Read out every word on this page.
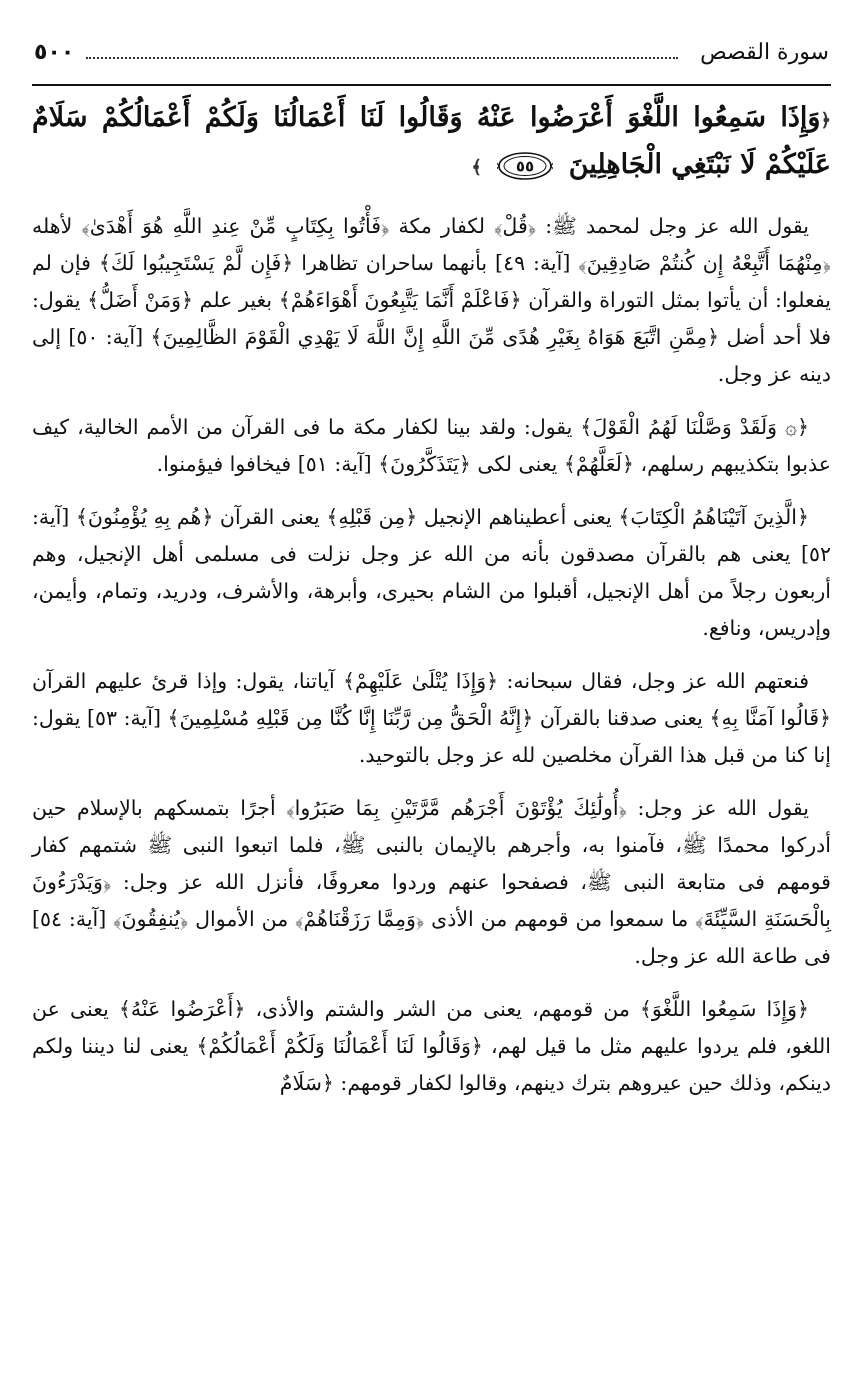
سورة القصص
٥٠٠
﴿وَإِذَا سَمِعُوا اللَّغْوَ أَعْرَضُوا عَنْهُ وَقَالُوا لَنَا أَعْمَالُنَا وَلَكُمْ أَعْمَالُكُمْ سَلَامٌ عَلَيْكُمْ لَا نَبْتَغِي الْجَاهِلِينَ
٥٥
﴾

يقول الله عز وجل لمحمد ﷺ: ﴿قُلْ﴾ لكفار مكة ﴿فَأْتُوا بِكِتَابٍ مِّنْ عِندِ اللَّهِ هُوَ أَهْدَىٰ﴾ لأهله ﴿مِنْهُمَا أَتَّبِعْهُ إِن كُنتُمْ صَادِقِينَ﴾ [آية: ٤٩] بأنهما ساحران تظاهرا ﴿فَإِن لَّمْ يَسْتَجِيبُوا لَكَ﴾ فإن لم يفعلوا: أن يأتوا بمثل التوراة والقرآن ﴿فَاعْلَمْ أَنَّمَا يَتَّبِعُونَ أَهْوَاءَهُمْ﴾ بغير علم ﴿وَمَنْ أَضَلُّ﴾ يقول: فلا أحد أضل ﴿مِمَّنِ اتَّبَعَ هَوَاهُ بِغَيْرِ هُدًى مِّنَ اللَّهِ إِنَّ اللَّهَ لَا يَهْدِي الْقَوْمَ الظَّالِمِينَ﴾ [آية: ٥٠] إلى دينه عز وجل.

﴿۞ وَلَقَدْ وَصَّلْنَا لَهُمُ الْقَوْلَ﴾ يقول: ولقد بينا لكفار مكة ما فى القرآن من الأمم الخالية، كيف عذبوا بتكذيبهم رسلهم، ﴿لَعَلَّهُمْ﴾ يعنى لكى ﴿يَتَذَكَّرُونَ﴾ [آية: ٥١] فيخافوا فيؤمنوا.

﴿الَّذِينَ آتَيْنَاهُمُ الْكِتَابَ﴾ يعنى أعطيناهم الإنجيل ﴿مِن قَبْلِهِ﴾ يعنى القرآن ﴿هُم بِهِ يُؤْمِنُونَ﴾ [آية: ٥٢] يعنى هم بالقرآن مصدقون بأنه من الله عز وجل نزلت فى مسلمى أهل الإنجيل، وهم أربعون رجلاً من أهل الإنجيل، أقبلوا من الشام بحيرى، وأبرهة، والأشرف، ودريد، وتمام، وأيمن، وإدريس، ونافع.

فنعتهم الله عز وجل، فقال سبحانه: ﴿وَإِذَا يُتْلَىٰ عَلَيْهِمْ﴾ آياتنا، يقول: وإذا قرئ عليهم القرآن ﴿قَالُوا آمَنَّا بِهِ﴾ يعنى صدقنا بالقرآن ﴿إِنَّهُ الْحَقُّ مِن رَّبِّنَا إِنَّا كُنَّا مِن قَبْلِهِ مُسْلِمِينَ﴾ [آية: ٥٣] يقول: إنا كنا من قبل هذا القرآن مخلصين لله عز وجل بالتوحيد.

يقول الله عز وجل: ﴿أُولَٰئِكَ يُؤْتَوْنَ أَجْرَهُم مَّرَّتَيْنِ بِمَا صَبَرُوا﴾ أجرًا بتمسكهم بالإسلام حين أدركوا محمدًا ﷺ، فآمنوا به، وأجرهم بالإيمان بالنبى ﷺ، فلما اتبعوا النبى ﷺ شتمهم كفار قومهم فى متابعة النبى ﷺ، فصفحوا عنهم وردوا معروفًا، فأنزل الله عز وجل: ﴿وَيَدْرَءُونَ بِالْحَسَنَةِ السَّيِّئَةَ﴾ ما سمعوا من قومهم من الأذى ﴿وَمِمَّا رَزَقْنَاهُمْ﴾ من الأموال ﴿يُنفِقُونَ﴾ [آية: ٥٤] فى طاعة الله عز وجل.

﴿وَإِذَا سَمِعُوا اللَّغْوَ﴾ من قومهم، يعنى من الشر والشتم والأذى، ﴿أَعْرَضُوا عَنْهُ﴾ يعنى عن اللغو، فلم يردوا عليهم مثل ما قيل لهم، ﴿وَقَالُوا لَنَا أَعْمَالُنَا وَلَكُمْ أَعْمَالُكُمْ﴾ يعنى لنا ديننا ولكم دينكم، وذلك حين عيروهم بترك دينهم، وقالوا لكفار قومهم: ﴿سَلَامٌ
